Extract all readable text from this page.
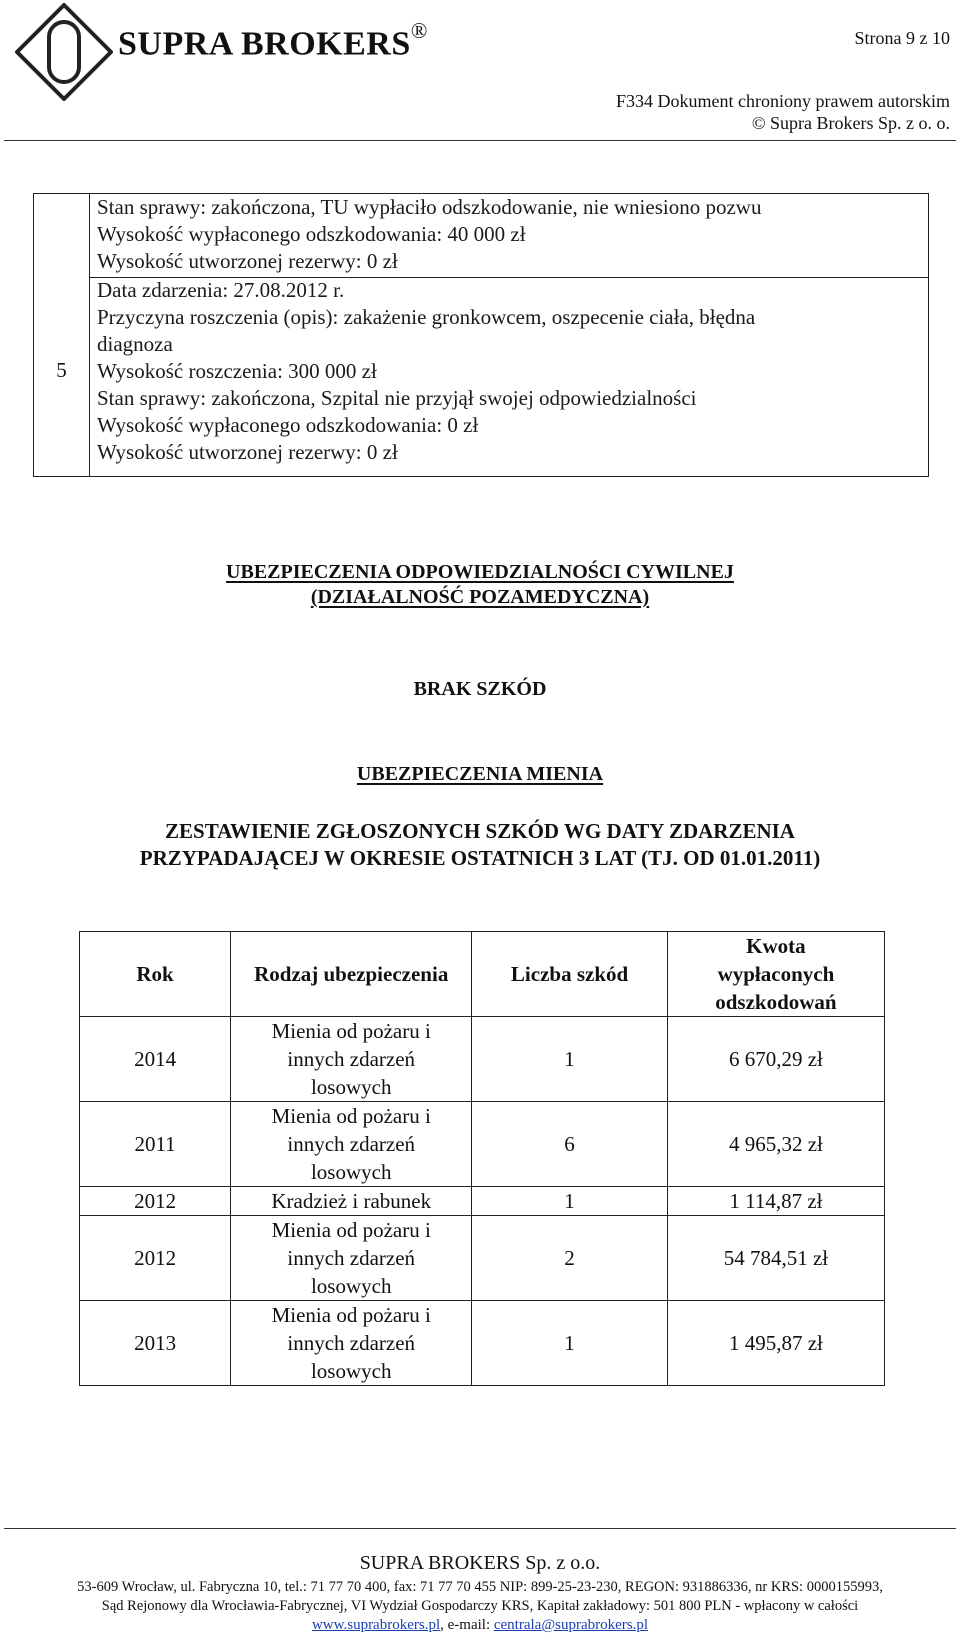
SUPRA BROKERS®	Strona 9 z 10
F334 Dokument chroniony prawem autorskim
© Supra Brokers Sp. z o. o.
5
Stan sprawy: zakończona, TU wypłaciło odszkodowanie, nie wniesiono pozwu
Wysokość wypłaconego odszkodowania: 40 000 zł
Wysokość utworzonej rezerwy: 0 zł
Data zdarzenia: 27.08.2012 r.
Przyczyna roszczenia (opis): zakażenie gronkowcem, oszpecenie ciała, błędna
diagnoza
Wysokość roszczenia: 300 000 zł
Stan sprawy: zakończona, Szpital nie przyjął swojej odpowiedzialności
Wysokość wypłaconego odszkodowania: 0 zł
Wysokość utworzonej rezerwy: 0 zł
UBEZPIECZENIA ODPOWIEDZIALNOŚCI CYWILNEJ
(DZIAŁALNOŚĆ POZAMEDYCZNA)
BRAK SZKÓD
UBEZPIECZENIA MIENIA
ZESTAWIENIE ZGŁOSZONYCH SZKÓD WG DATY ZDARZENIA
PRZYPADAJĄCEJ W OKRESIE OSTATNICH 3 LAT (TJ. OD 01.01.2011)
Rok	Rodzaj ubezpieczenia	Liczba szkód	Kwota
wypłaconych
odszkodowań

2014	Mienia od pożaru i
innych zdarzeń
losowych	1	6 670,29 zł
2011	Mienia od pożaru i
innych zdarzeń
losowych	6	4 965,32 zł
2012	Kradzież i rabunek	1	1 114,87 zł
2012	Mienia od pożaru i
innych zdarzeń
losowych	2	54 784,51 zł
2013	Mienia od pożaru i
innych zdarzeń
losowych	1	1 495,87 zł
SUPRA BROKERS Sp. z o.o.
53-609 Wrocław, ul. Fabryczna 10, tel.: 71 77 70 400, fax: 71 77 70 455 NIP: 899-25-23-230, REGON: 931886336, nr KRS: 0000155993,
Sąd Rejonowy dla Wrocławia-Fabrycznej, VI Wydział Gospodarczy KRS, Kapitał zakładowy: 501 800 PLN - wpłacony w całości
www.suprabrokers.pl, e-mail: centrala@suprabrokers.pl
